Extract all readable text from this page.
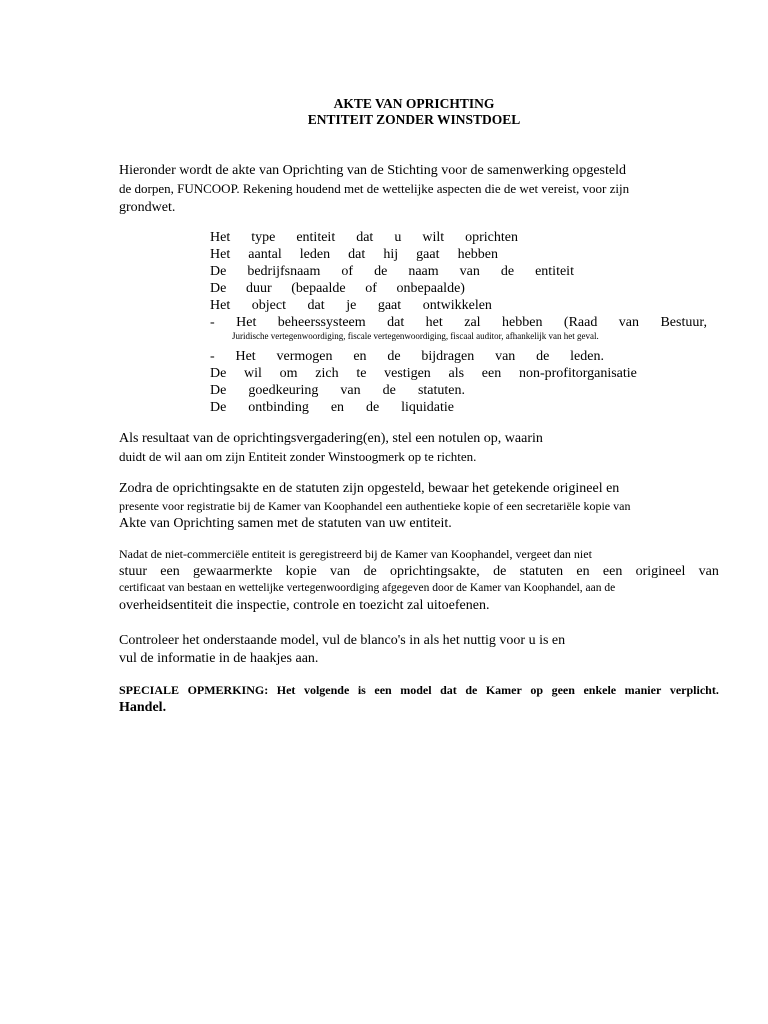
AKTE VAN OPRICHTING
ENTITEIT ZONDER WINSTDOEL
Hieronder wordt de akte van Oprichting van de Stichting voor de samenwerking opgesteld
de dorpen, FUNCOOP. Rekening houdend met de wettelijke aspecten die de wet vereist, voor zijn
grondwet.
Het type entiteit dat u wilt oprichten
Het aantal leden dat hij gaat hebben
De bedrijfsnaam of de naam van de entiteit
De duur (bepaalde of onbepaalde)
Het object dat je gaat ontwikkelen
- Het beheerssysteem dat het zal hebben (Raad van Bestuur,
Juridische vertegenwoordiging, fiscale vertegenwoordiging, fiscaal auditor, afhankelijk van het geval.
- Het vermogen en de bijdragen van de leden.
De wil om zich te vestigen als een non-profitorganisatie
De goedkeuring van de statuten.
De ontbinding en de liquidatie
Als resultaat van de oprichtingsvergadering(en), stel een notulen op, waarin
duidt de wil aan om zijn Entiteit zonder Winstoogmerk op te richten.
Zodra de oprichtingsakte en de statuten zijn opgesteld, bewaar het getekende origineel en
presente voor registratie bij de Kamer van Koophandel een authentieke kopie of een secretariële kopie van
Akte van Oprichting samen met de statuten van uw entiteit.
Nadat de niet-commerciële entiteit is geregistreerd bij de Kamer van Koophandel, vergeet dan niet
stuur een gewaarmerkte kopie van de oprichtingsakte, de statuten en een origineel van
certificaat van bestaan en wettelijke vertegenwoordiging afgegeven door de Kamer van Koophandel, aan de
overheidsentiteit die inspectie, controle en toezicht zal uitoefenen.
Controleer het onderstaande model, vul de blanco's in als het nuttig voor u is en
vul de informatie in de haakjes aan.
SPECIALE OPMERKING: Het volgende is een model dat de Kamer op geen enkele manier verplicht.
Handel.
